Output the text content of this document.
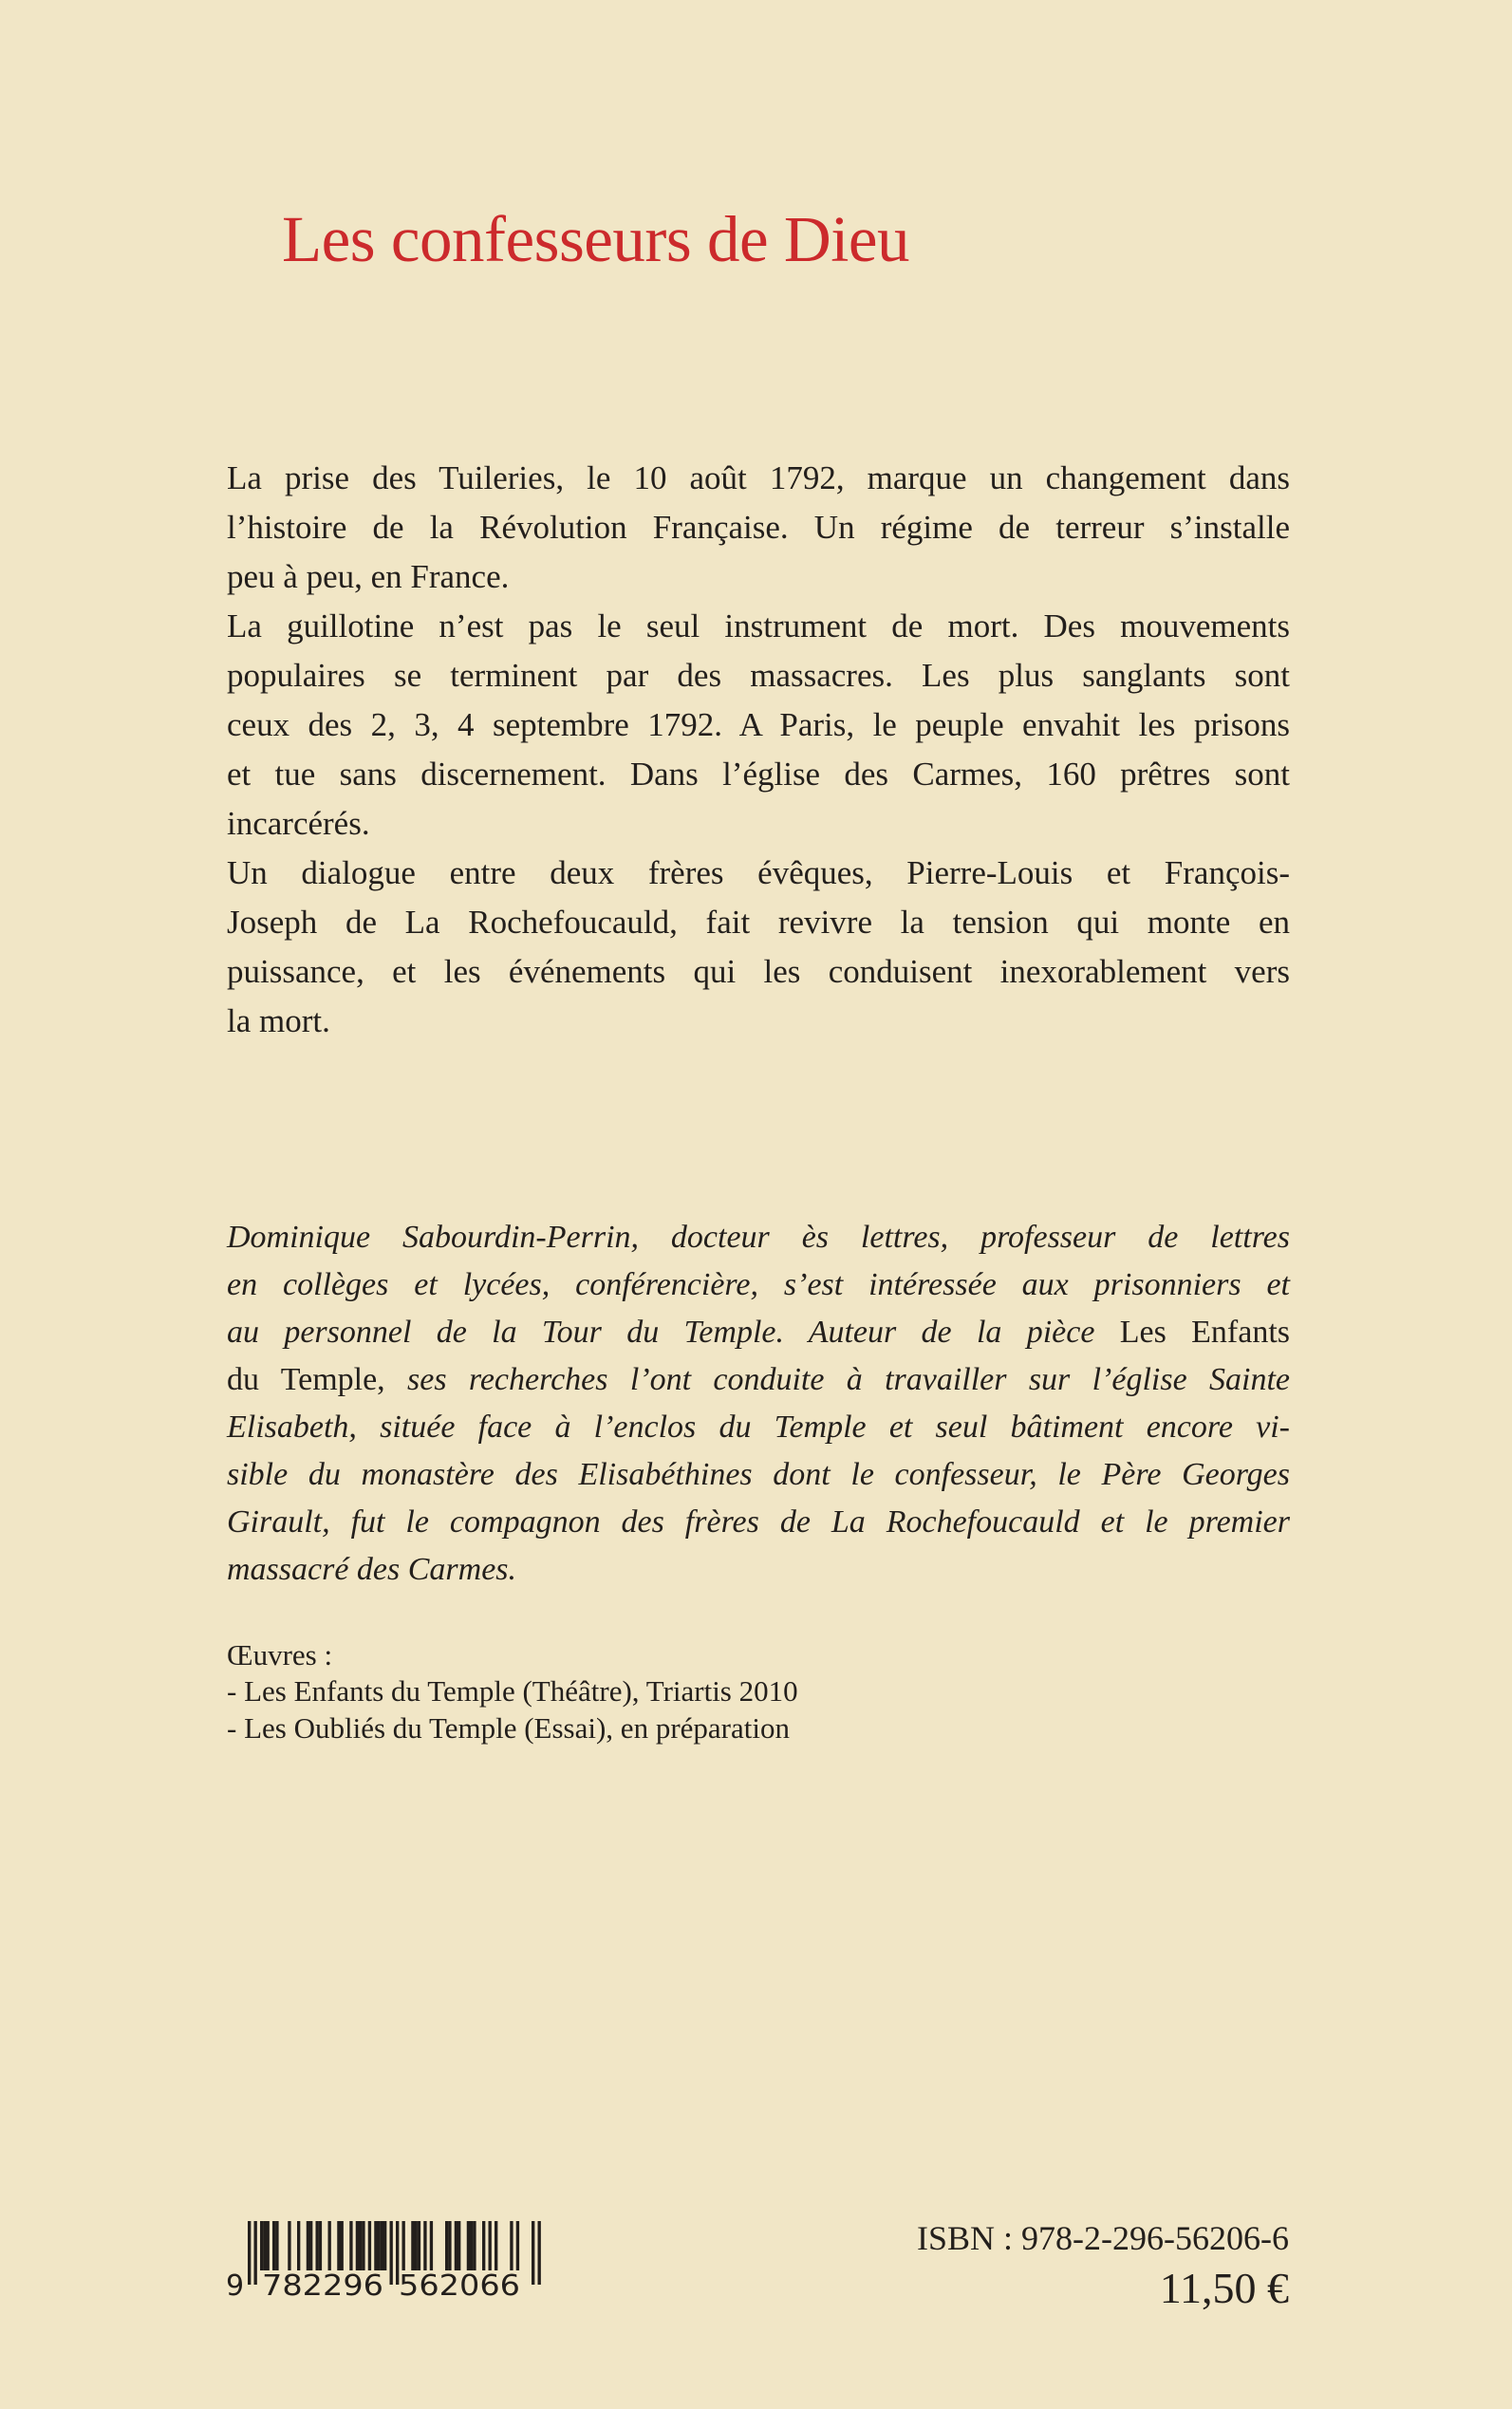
Les confesseurs de Dieu
La prise des Tuileries, le 10 août 1792, marque un changement dans
l’histoire de la Révolution Française. Un régime de terreur s’installe
peu à peu, en France.
La guillotine n’est pas le seul instrument de mort. Des mouvements
populaires se terminent par des massacres. Les plus sanglants sont
ceux des 2, 3, 4 septembre 1792. A Paris, le peuple envahit les prisons
et tue sans discernement. Dans l’église des Carmes, 160 prêtres sont
incarcérés.
Un dialogue entre deux frères évêques, Pierre-Louis et François-
Joseph de La Rochefoucauld, fait revivre la tension qui monte en
puissance, et les événements qui les conduisent inexorablement vers
la mort.
Dominique Sabourdin-Perrin, docteur ès lettres, professeur de lettres
en collèges et lycées, conférencière, s’est intéressée aux prisonniers et
au personnel de la Tour du Temple. Auteur de la pièce Les Enfants
du Temple, ses recherches l’ont conduite à travailler sur l’église Sainte
Elisabeth, située face à l’enclos du Temple et seul bâtiment encore vi-
sible du monastère des Elisabéthines dont le confesseur, le Père Georges
Girault, fut le compagnon des frères de La Rochefoucauld et le premier
massacré des Carmes.
Œuvres :
- Les Enfants du Temple (Théâtre), Triartis 2010
- Les Oubliés du Temple (Essai), en préparation
9 782296 562066
ISBN : 978-2-296-56206-6
11,50 €
